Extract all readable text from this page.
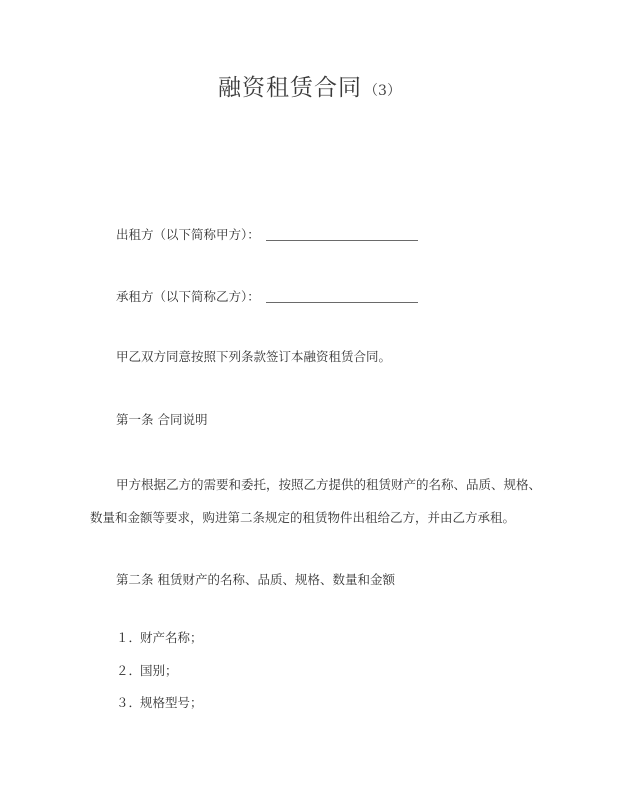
融资租赁合同 （3）
出租方（以下简称甲方）：
承租方（以下简称乙方）：
甲乙双方同意按照下列条款签订本融资租赁合同。
第一条 合同说明
甲方根据乙方的需要和委托，按照乙方提供的租赁财产的名称、品质、规格、
数量和金额等要求，购进第二条规定的租赁物件出租给乙方，并由乙方承租。
第二条 租赁财产的名称、品质、规格、数量和金额
１．财产名称；
２．国别；
３．规格型号；
